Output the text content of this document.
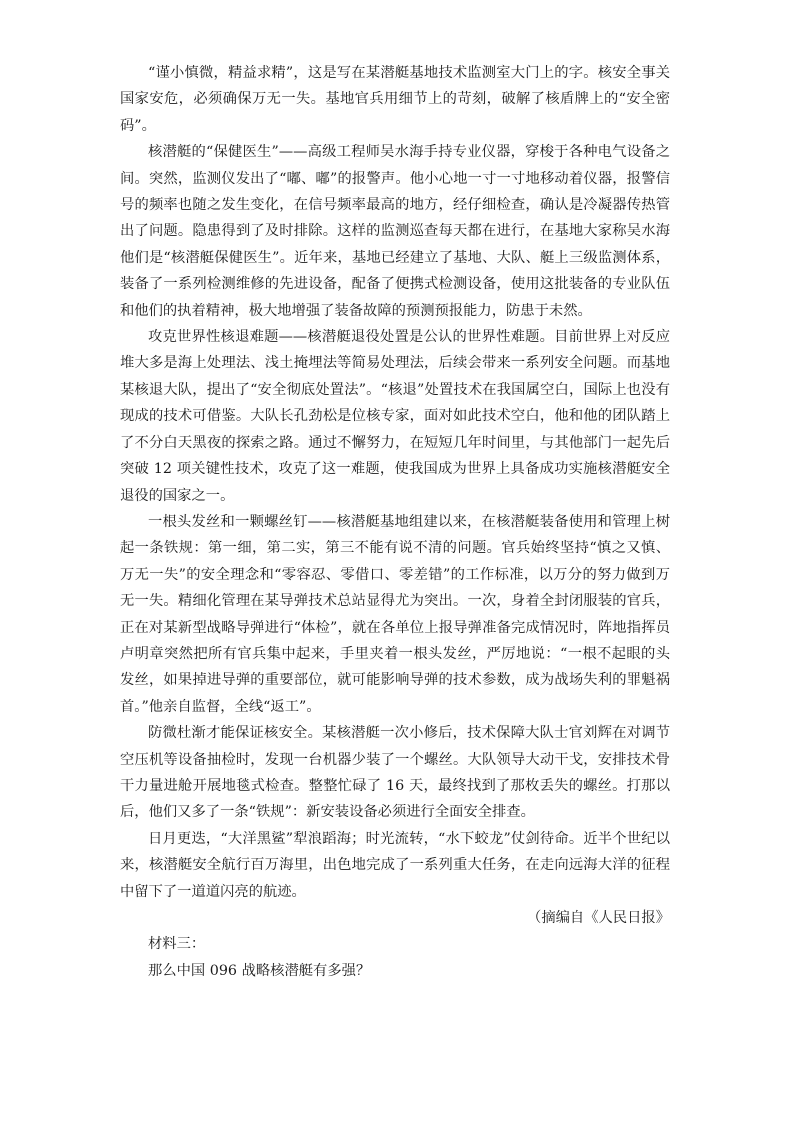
“谨小慎微，精益求精”，这是写在某潜艇基地技术监测室大门上的字。核安全事关国家安危，必须确保万无一失。基地官兵用细节上的苛刻，破解了核盾牌上的“安全密码”。

核潜艇的“保健医生”——高级工程师吴水海手持专业仪器，穿梭于各种电气设备之间。突然，监测仪发出了“嘟、嘟”的报警声。他小心地一寸一寸地移动着仪器，报警信号的频率也随之发生变化，在信号频率最高的地方，经仔细检查，确认是冷凝器传热管出了问题。隐患得到了及时排除。这样的监测巡查每天都在进行，在基地大家称吴水海他们是“核潜艇保健医生”。近年来，基地已经建立了基地、大队、艇上三级监测体系，装备了一系列检测维修的先进设备，配备了便携式检测设备，使用这批装备的专业队伍和他们的执着精神，极大地增强了装备故障的预测预报能力，防患于未然。

攻克世界性核退难题——核潜艇退役处置是公认的世界性难题。目前世界上对反应堆大多是海上处理法、浅土掩埋法等简易处理法，后续会带来一系列安全问题。而基地某核退大队，提出了“安全彻底处置法”。“核退”处置技术在我国属空白，国际上也没有现成的技术可借鉴。大队长孔劲松是位核专家，面对如此技术空白，他和他的团队踏上了不分白天黑夜的探索之路。通过不懈努力，在短短几年时间里，与其他部门一起先后突破 12 项关键性技术，攻克了这一难题，使我国成为世界上具备成功实施核潜艇安全退役的国家之一。

一根头发丝和一颗螺丝钉——核潜艇基地组建以来，在核潜艇装备使用和管理上树起一条铁规：第一细，第二实，第三不能有说不清的问题。官兵始终坚持“慎之又慎、万无一失”的安全理念和“零容忍、零借口、零差错”的工作标准，以万分的努力做到万无一失。精细化管理在某导弹技术总站显得尤为突出。一次，身着全封闭服装的官兵，正在对某新型战略导弹进行“体检”，就在各单位上报导弹准备完成情况时，阵地指挥员卢明章突然把所有官兵集中起来，手里夹着一根头发丝，严厉地说：“一根不起眼的头发丝，如果掉进导弹的重要部位，就可能影响导弹的技术参数，成为战场失利的罪魁祸首。”他亲自监督，全线“返工”。

防微杜渐才能保证核安全。某核潜艇一次小修后，技术保障大队士官刘辉在对调节空压机等设备抽检时，发现一台机器少装了一个螺丝。大队领导大动干戈，安排技术骨干力量进舱开展地毯式检查。整整忙碌了 16 天，最终找到了那枚丢失的螺丝。打那以后，他们又多了一条“铁规”：新安装设备必须进行全面安全排查。

日月更迭，“大洋黑鲨”犁浪蹈海；时光流转，“水下蛟龙”仗剑待命。近半个世纪以来，核潜艇安全航行百万海里，出色地完成了一系列重大任务，在走向远海大洋的征程中留下了一道道闪亮的航迹。

（摘编自《人民日报》

材料三：

那么中国 096 战略核潜艇有多强？
